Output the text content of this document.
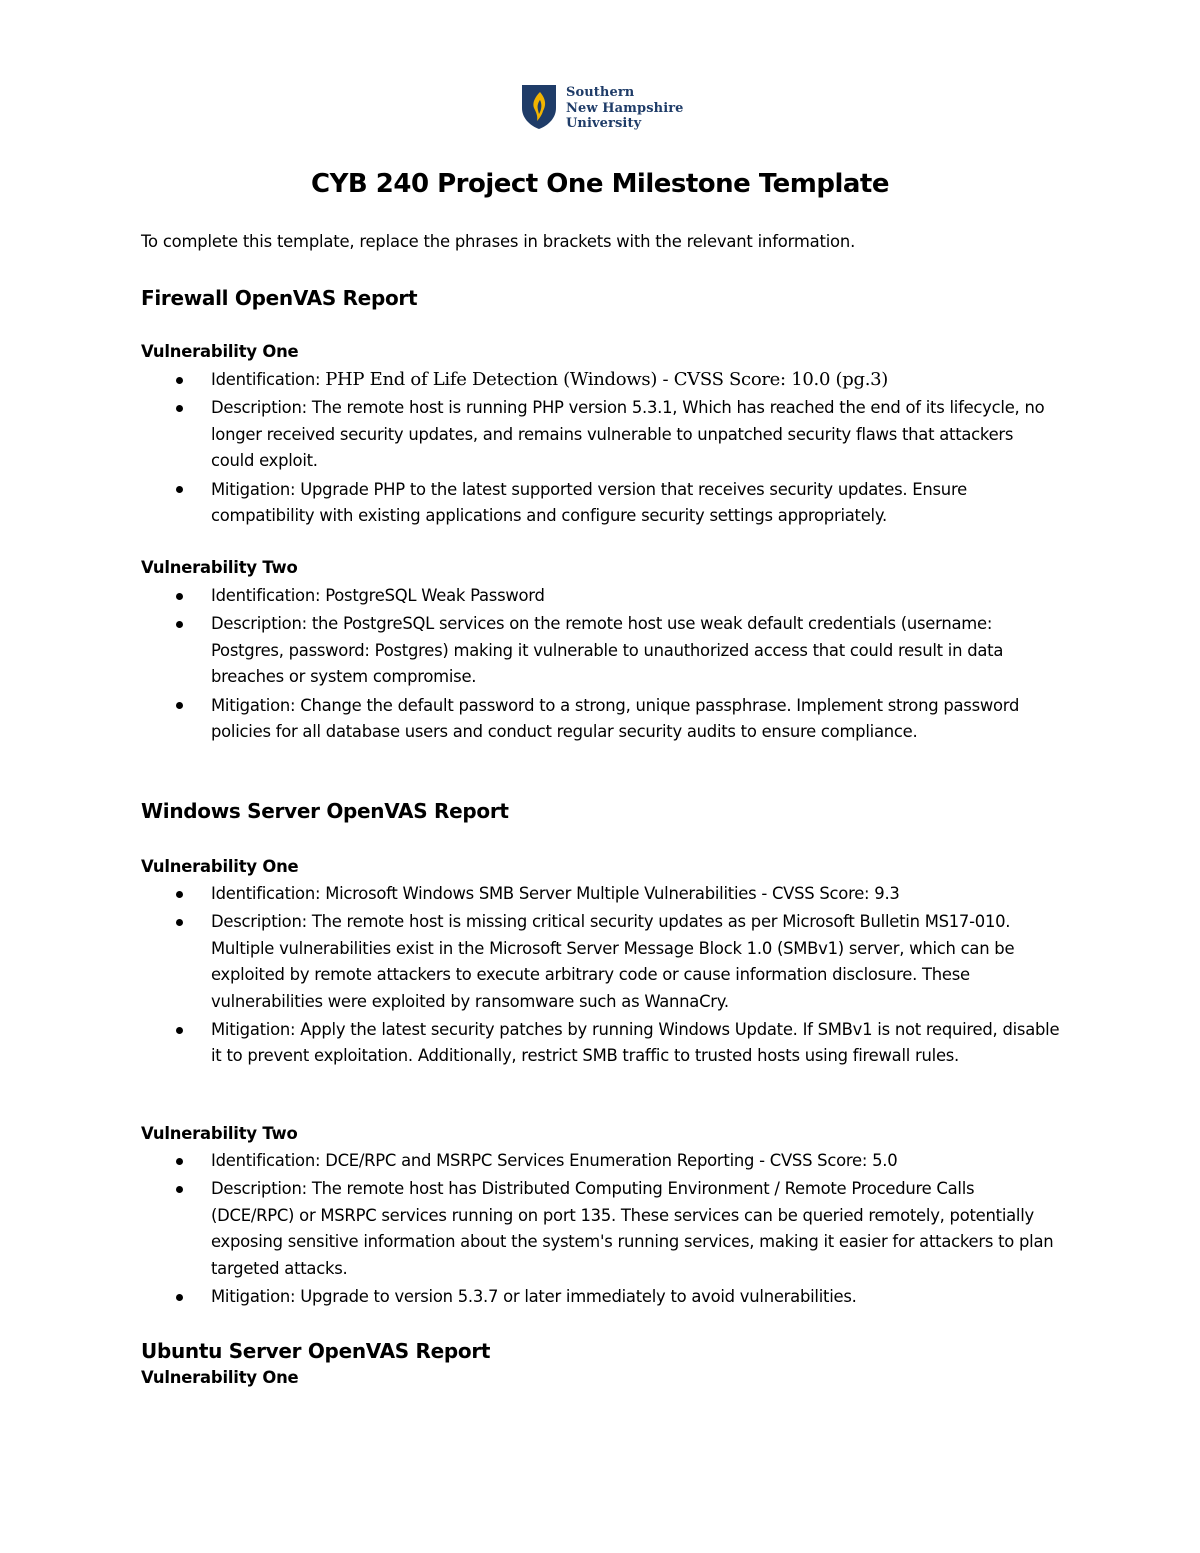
Southern
New Hampshire
University
CYB 240 Project One Milestone Template

To complete this template, replace the phrases in brackets with the relevant information.

Firewall OpenVAS Report
Vulnerability One
Identification: PHP End of Life Detection (Windows) - CVSS Score: 10.0 (pg.3)
Description: The remote host is running PHP version 5.3.1, Which has reached the end of its lifecycle, no longer received security updates, and remains vulnerable to unpatched security flaws that attackers could exploit.
Mitigation: Upgrade PHP to the latest supported version that receives security updates. Ensure compatibility with existing applications and configure security settings appropriately.
Vulnerability Two
Identification: PostgreSQL Weak Password
Description: the PostgreSQL services on the remote host use weak default credentials (username: Postgres, password: Postgres) making it vulnerable to unauthorized access that could result in data breaches or system compromise.
Mitigation: Change the default password to a strong, unique passphrase. Implement strong password policies for all database users and conduct regular security audits to ensure compliance.
Windows Server OpenVAS Report
Vulnerability One
Identification: Microsoft Windows SMB Server Multiple Vulnerabilities - CVSS Score: 9.3
Description: The remote host is missing critical security updates as per Microsoft Bulletin MS17-010. Multiple vulnerabilities exist in the Microsoft Server Message Block 1.0 (SMBv1) server, which can be exploited by remote attackers to execute arbitrary code or cause information disclosure. These vulnerabilities were exploited by ransomware such as WannaCry.
Mitigation: Apply the latest security patches by running Windows Update. If SMBv1 is not required, disable it to prevent exploitation. Additionally, restrict SMB traffic to trusted hosts using firewall rules.
Vulnerability Two
Identification: DCE/RPC and MSRPC Services Enumeration Reporting - CVSS Score: 5.0
Description: The remote host has Distributed Computing Environment / Remote Procedure Calls (DCE/RPC) or MSRPC services running on port 135. These services can be queried remotely, potentially exposing sensitive information about the system's running services, making it easier for attackers to plan targeted attacks.
Mitigation: Upgrade to version 5.3.7 or later immediately to avoid vulnerabilities.
Ubuntu Server OpenVAS Report
Vulnerability One
